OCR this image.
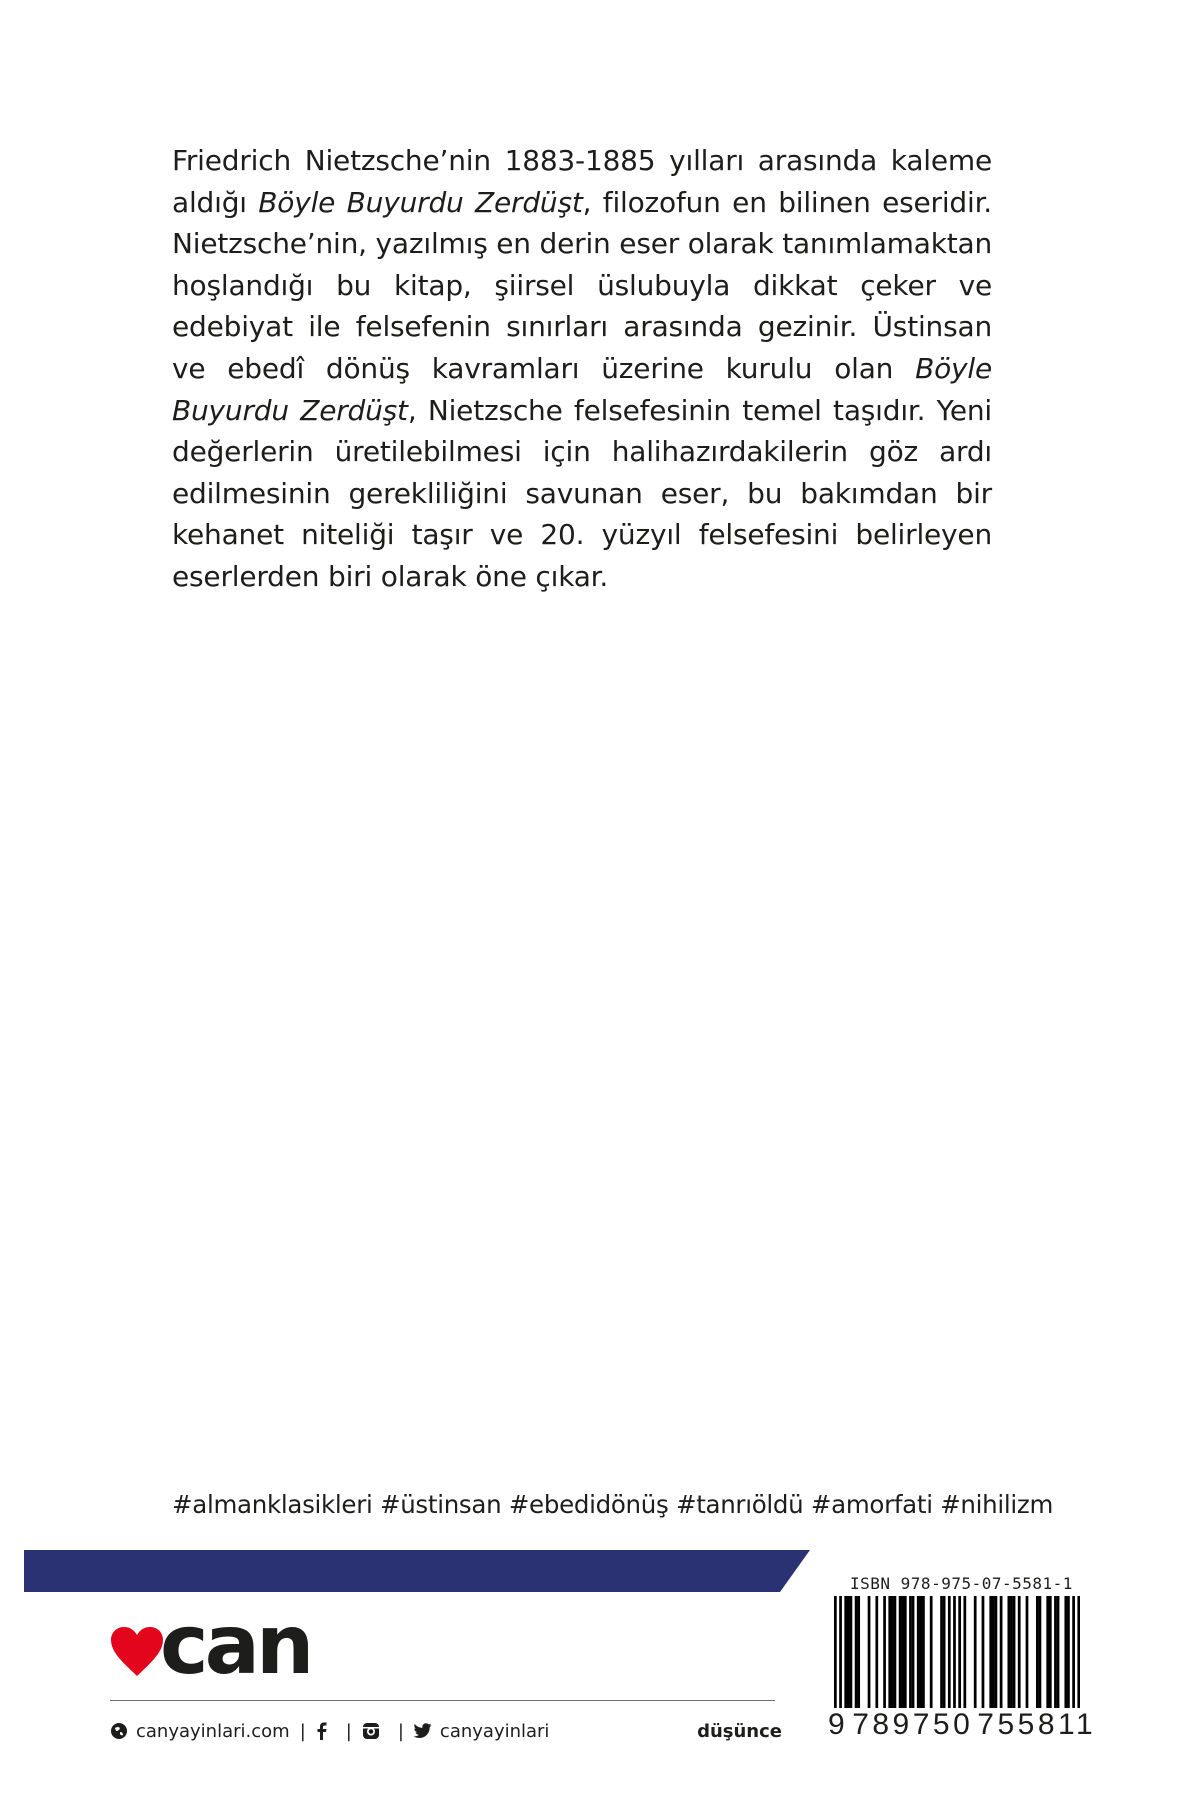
Friedrich Nietzsche’nin 1883-1885 yılları arasında kaleme aldığı Böyle Buyurdu Zerdüşt, filozofun en bilinen eseridir. Nietzsche’nin, yazılmış en derin eser olarak tanımlamaktan hoşlandığı bu kitap, şiirsel üslubuyla dikkat çeker ve edebiyat ile felsefenin sınırları arasında gezinir. Üstinsan ve ebedî dönüş kavramları üzerine kurulu olan Böyle Buyurdu Zerdüşt, Nietzsche felsefesinin temel taşıdır. Yeni değerlerin üretilebilmesi için halihazırdakilerin göz ardı edilmesinin gerekliliğini savunan eser, bu bakımdan bir kehanet niteliği taşır ve 20. yüzyıl felsefesini belirleyen eserlerden biri olarak öne çıkar.

#almanklasikleri #üstinsan #ebedidönüş #tanrıöldü #amorfati #nihilizm
can
canyayinlari.com | |	| canyayinlari	düşünce
ISBN 978-975-07-5581-1
9 789750 755811
